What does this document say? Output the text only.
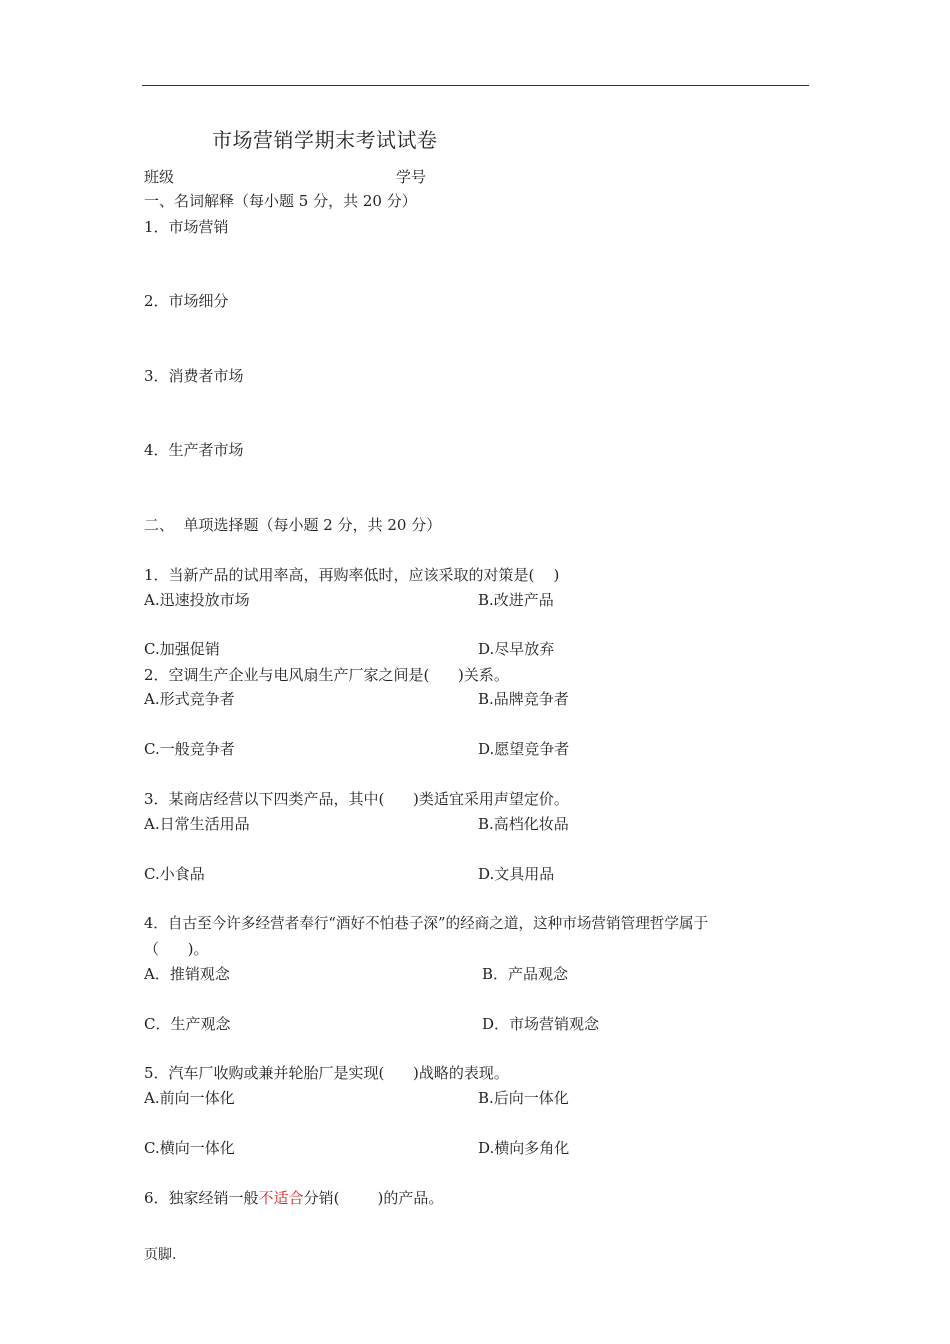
市场营销学期末考试试卷
班级	学号
一、名词解释（每小题 5 分，共 20 分）
1．市场营销
2．市场细分
3．消费者市场
4．生产者市场
二、  单项选择题（每小题 2 分，共 20 分）
1．当新产品的试用率高，再购率低时，应该采取的对策是(    )
A.迅速投放市场	B.改进产品
C.加强促销	D.尽早放弃
2．空调生产企业与电风扇生产厂家之间是(      )关系。
A.形式竞争者	B.品牌竞争者
C.一般竞争者	D.愿望竞争者
3．某商店经营以下四类产品，其中(      )类适宜采用声望定价。
A.日常生活用品	B.高档化妆品
C.小食品	D.文具用品
4．自古至今许多经营者奉行“酒好不怕巷子深”的经商之道，这种市场营销管理哲学属于
（      )。
A．推销观念	B．产品观念
C．生产观念	D．市场营销观念
5．汽车厂收购或兼并轮胎厂是实现(      )战略的表现。
A.前向一体化	B.后向一体化
C.横向一体化	D.横向多角化
6．独家经销一般不适合分销(        )的产品。
页脚.
